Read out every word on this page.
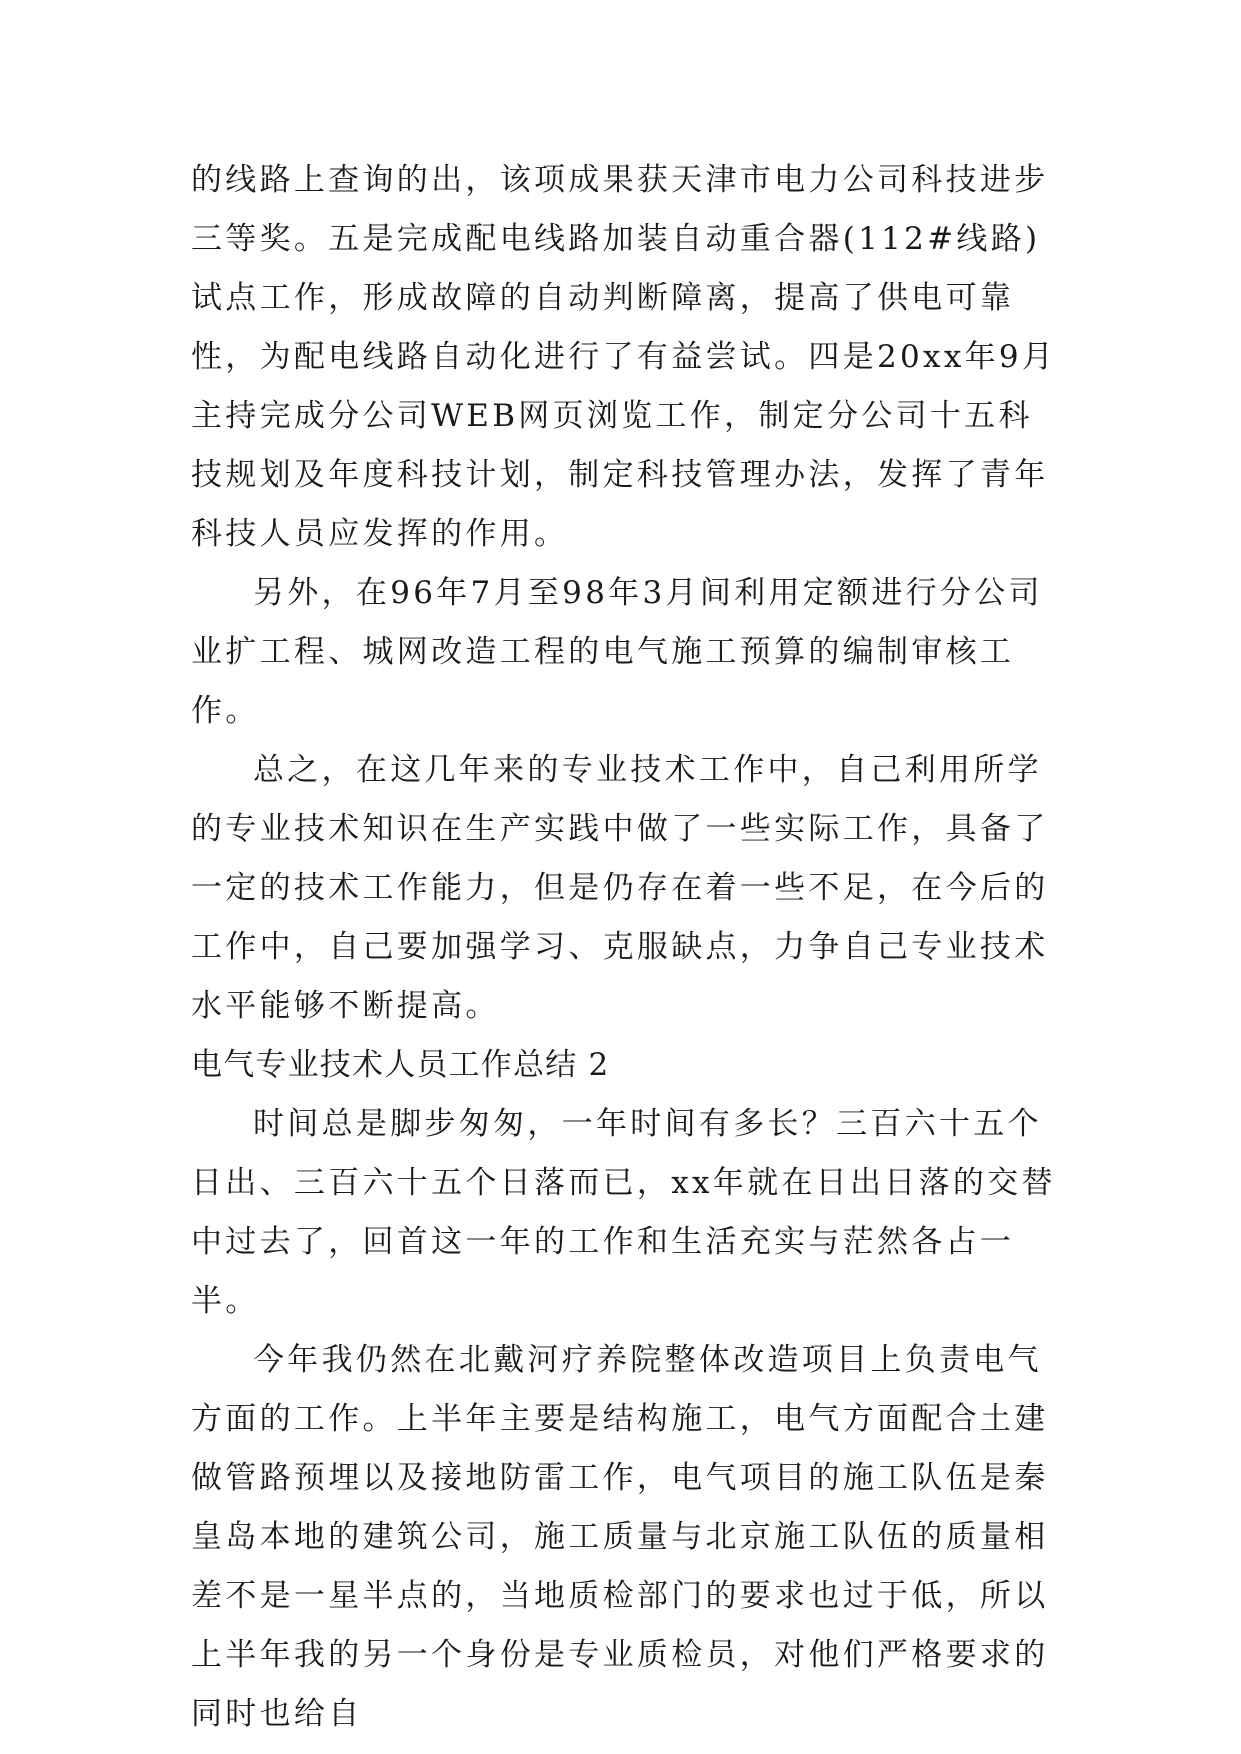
的线路上查询的出，该项成果获天津市电力公司科技进步三等奖。五是完成配电线路加装自动重合器(112#线路)试点工作，形成故障的自动判断障离，提高了供电可靠性，为配电线路自动化进行了有益尝试。四是20xx年9月主持完成分公司WEB网页浏览工作，制定分公司十五科技规划及年度科技计划，制定科技管理办法，发挥了青年科技人员应发挥的作用。

另外，在96年7月至98年3月间利用定额进行分公司业扩工程、城网改造工程的电气施工预算的编制审核工作。

总之，在这几年来的专业技术工作中，自己利用所学的专业技术知识在生产实践中做了一些实际工作，具备了一定的技术工作能力，但是仍存在着一些不足，在今后的工作中，自己要加强学习、克服缺点，力争自己专业技术水平能够不断提高。

电气专业技术人员工作总结 2

时间总是脚步匆匆，一年时间有多长？三百六十五个日出、三百六十五个日落而已，xx年就在日出日落的交替中过去了，回首这一年的工作和生活充实与茫然各占一半。

今年我仍然在北戴河疗养院整体改造项目上负责电气方面的工作。上半年主要是结构施工，电气方面配合土建做管路预埋以及接地防雷工作，电气项目的施工队伍是秦皇岛本地的建筑公司，施工质量与北京施工队伍的质量相差不是一星半点的，当地质检部门的要求也过于低，所以上半年我的另一个身份是专业质检员，对他们严格要求的同时也给自
